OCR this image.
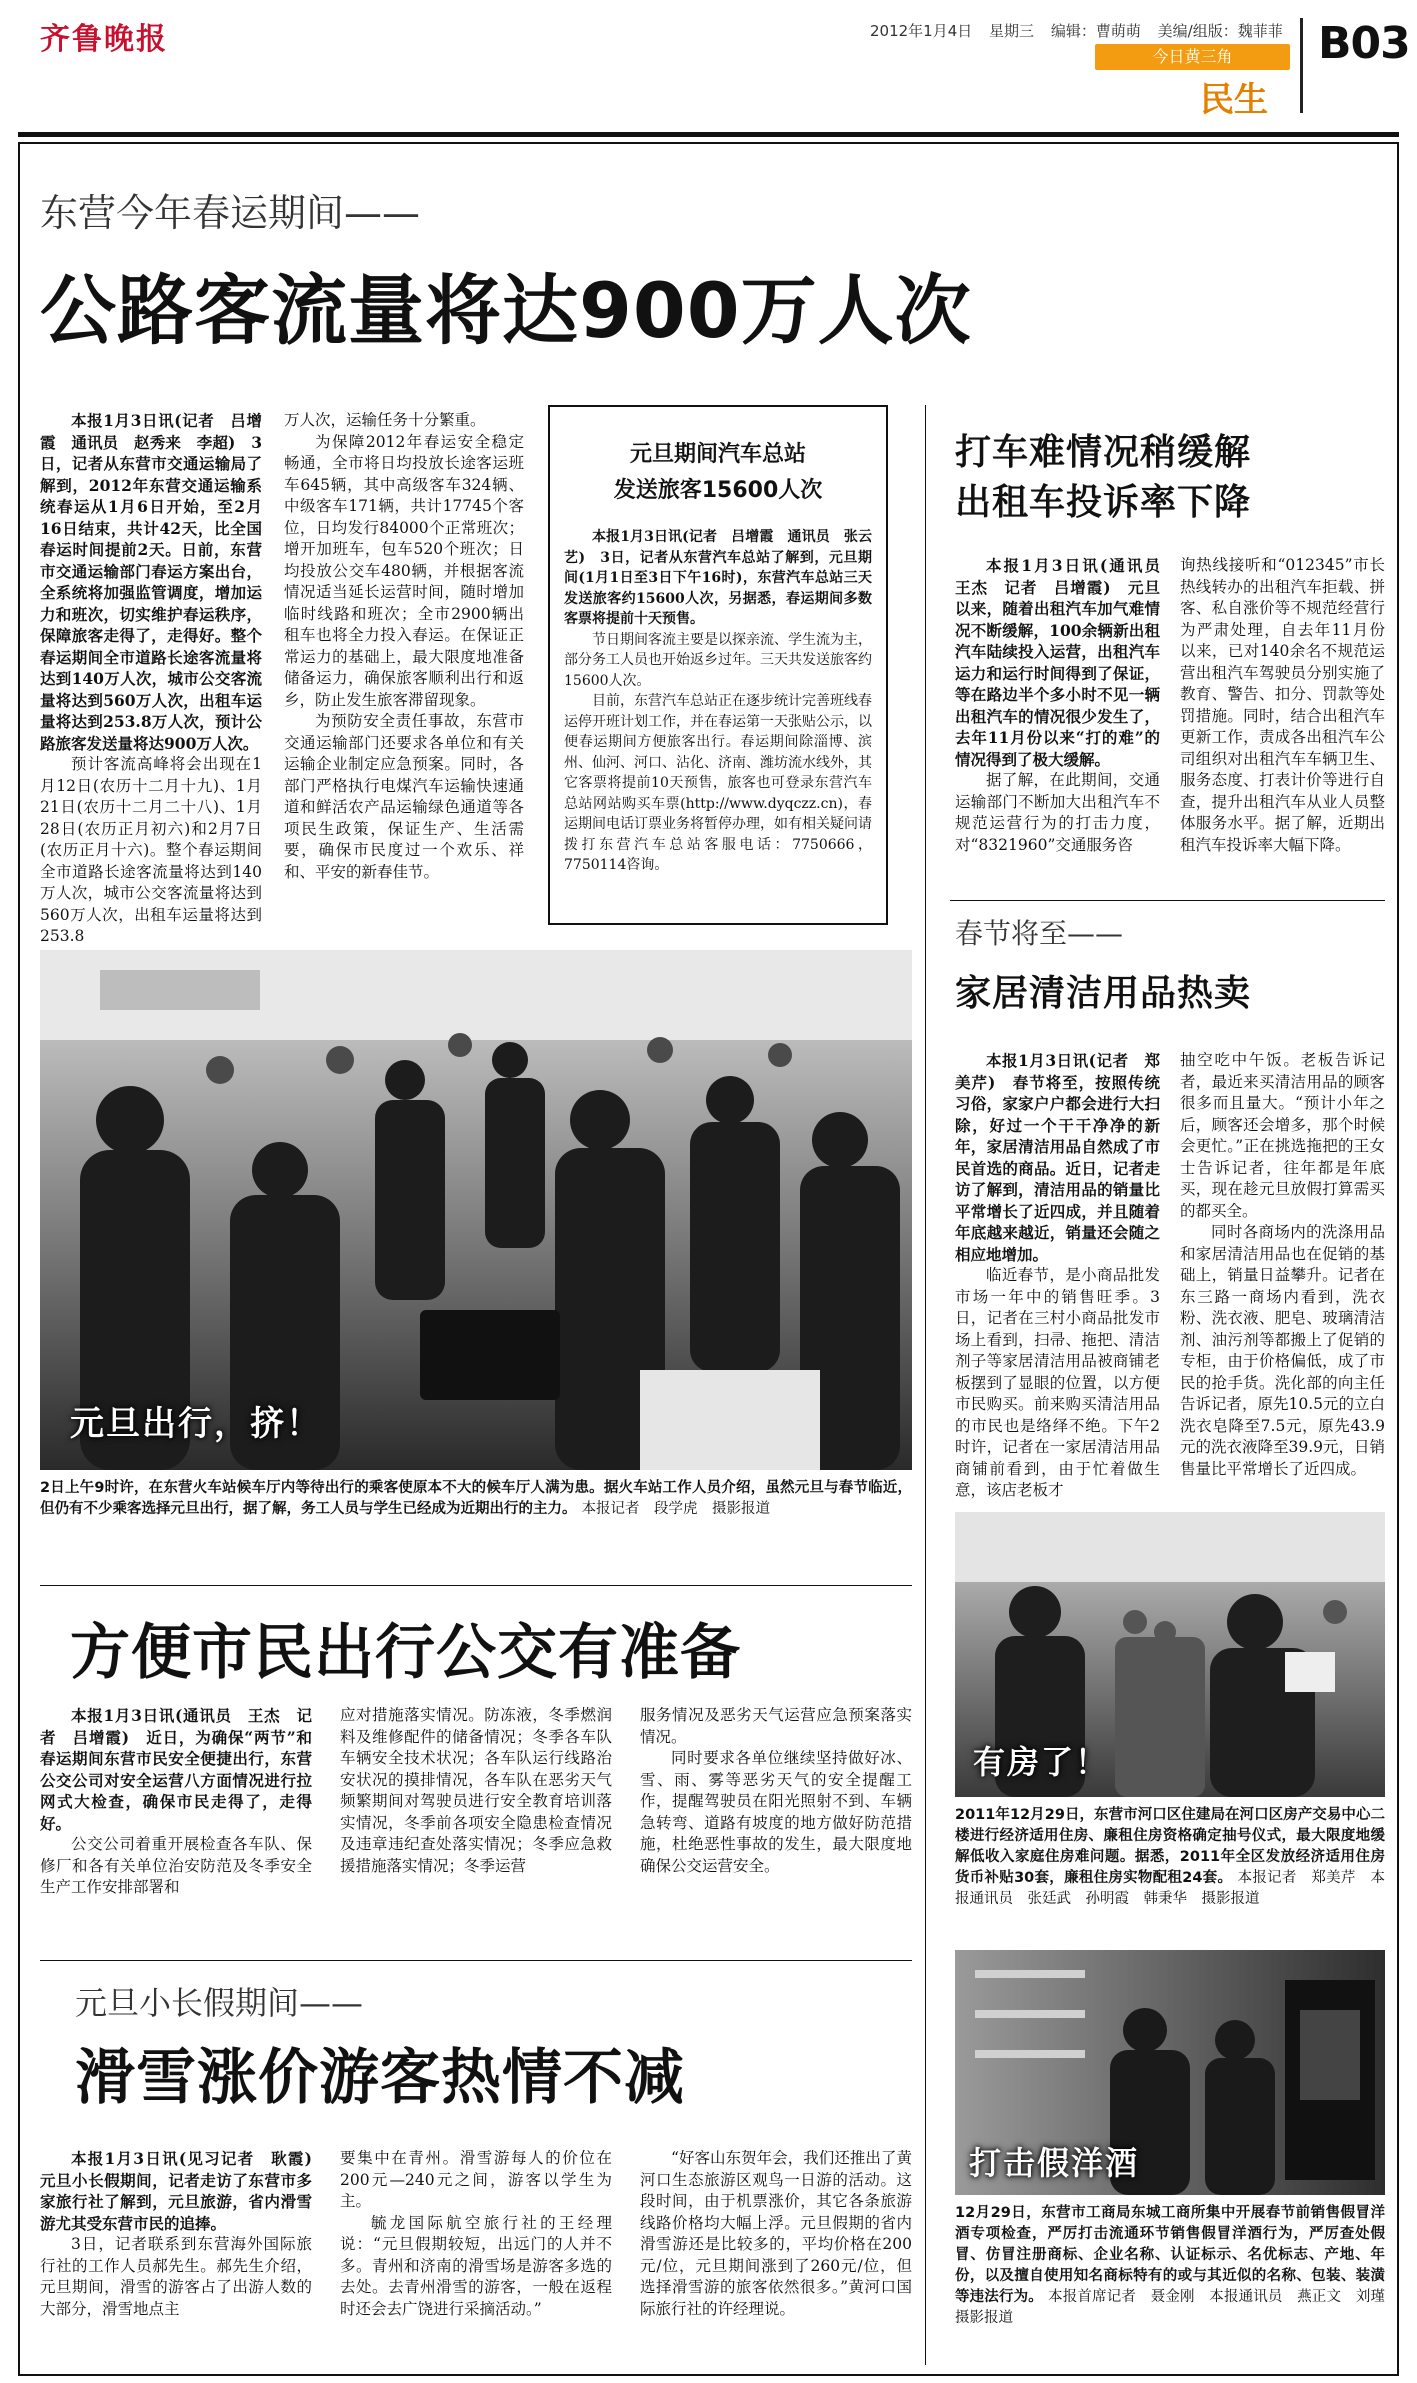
齐鲁晚报	2012年1月4日 星期三 编辑：曹萌萌 美编/组版：魏菲菲
今日黄三角
民生
B03
东营今年春运期间——
公路客流量将达900万人次

本报1月3日讯(记者　吕增霞　通讯员　赵秀来　李超)　3日，记者从东营市交通运输局了解到，2012年东营交通运输系统春运从1月6日开始，至2月16日结束，共计42天，比全国春运时间提前2天。日前，东营市交通运输部门春运方案出台，全系统将加强监管调度，增加运力和班次，切实维护春运秩序，保障旅客走得了，走得好。整个春运期间全市道路长途客流量将达到140万人次，城市公交客流量将达到560万人次，出租车运量将达到253.8万人次，预计公路旅客发送量将达900万人次。

预计客流高峰将会出现在1月12日(农历十二月十九)、1月21日(农历十二月二十八)、1月28日(农历正月初六)和2月7日(农历正月十六)。整个春运期间全市道路长途客流量将达到140万人次，城市公交客流量将达到560万人次，出租车运量将达到253.8

万人次，运输任务十分繁重。

为保障2012年春运安全稳定畅通，全市将日均投放长途客运班车645辆，其中高级客车324辆、中级客车171辆，共计17745个客位，日均发行84000个正常班次；增开加班车，包车520个班次；日均投放公交车480辆，并根据客流情况适当延长运营时间，随时增加临时线路和班次；全市2900辆出租车也将全力投入春运。在保证正常运力的基础上，最大限度地准备储备运力，确保旅客顺利出行和返乡，防止发生旅客滞留现象。

为预防安全责任事故，东营市交通运输部门还要求各单位和有关运输企业制定应急预案。同时，各部门严格执行电煤汽车运输快速通道和鲜活农产品运输绿色通道等各项民生政策，保证生产、生活需要，确保市民度过一个欢乐、祥和、平安的新春佳节。

元旦期间汽车总站
发送旅客15600人次

本报1月3日讯(记者　吕增霞　通讯员　张云艺)　3日，记者从东营汽车总站了解到，元旦期间(1月1日至3日下午16时)，东营汽车总站三天发送旅客约15600人次，另据悉，春运期间多数客票将提前十天预售。

节日期间客流主要是以探亲流、学生流为主，部分务工人员也开始返乡过年。三天共发送旅客约15600人次。

目前，东营汽车总站正在逐步统计完善班线春运停开班计划工作，并在春运第一天张贴公示，以便春运期间方便旅客出行。春运期间除淄博、滨州、仙河、河口、沾化、济南、潍坊流水线外，其它客票将提前10天预售，旅客也可登录东营汽车总站网站购买车票(http://www.dyqczz.cn)，春运期间电话订票业务将暂停办理，如有相关疑问请拨打东营汽车总站客服电话：7750666，7750114咨询。

元旦出行，挤！
2日上午9时许，在东营火车站候车厅内等待出行的乘客使原本不大的候车厅人满为患。据火车站工作人员介绍，虽然元旦与春节临近，但仍有不少乘客选择元旦出行，据了解，务工人员与学生已经成为近期出行的主力。 本报记者　段学虎　摄影报道
方便市民出行公交有准备

本报1月3日讯(通讯员　王杰　记者　吕增霞)　近日，为确保“两节”和春运期间东营市民安全便捷出行，东营公交公司对安全运营八方面情况进行拉网式大检查，确保市民走得了，走得好。

公交公司着重开展检查各车队、保修厂和各有关单位治安防范及冬季安全生产工作安排部署和

应对措施落实情况。防冻液，冬季燃润料及维修配件的储备情况；冬季各车队车辆安全技术状况；各车队运行线路治安状况的摸排情况，各车队在恶劣天气频繁期间对驾驶员进行安全教育培训落实情况，冬季前各项安全隐患检查情况及违章违纪查处落实情况；冬季应急救援措施落实情况；冬季运营

服务情况及恶劣天气运营应急预案落实情况。

同时要求各单位继续坚持做好冰、雪、雨、雾等恶劣天气的安全提醒工作，提醒驾驶员在阳光照射不到、车辆急转弯、道路有坡度的地方做好防范措施，杜绝恶性事故的发生，最大限度地确保公交运营安全。

元旦小长假期间——
滑雪涨价游客热情不减

本报1月3日讯(见习记者　耿霞)　元旦小长假期间，记者走访了东营市多家旅行社了解到，元旦旅游，省内滑雪游尤其受东营市民的追捧。

3日，记者联系到东营海外国际旅行社的工作人员郝先生。郝先生介绍，元旦期间，滑雪的游客占了出游人数的大部分，滑雪地点主

要集中在青州。滑雪游每人的价位在200元—240元之间，游客以学生为主。

毓龙国际航空旅行社的王经理说：“元旦假期较短，出远门的人并不多。青州和济南的滑雪场是游客多选的去处。去青州滑雪的游客，一般在返程时还会去广饶进行采摘活动。”

“好客山东贺年会，我们还推出了黄河口生态旅游区观鸟一日游的活动。这段时间，由于机票涨价，其它各条旅游线路价格均大幅上浮。元旦假期的省内滑雪游还是比较多的，平均价格在200元/位，元旦期间涨到了260元/位，但选择滑雪游的旅客依然很多。”黄河口国际旅行社的许经理说。

打车难情况稍缓解
出租车投诉率下降

本报1月3日讯(通讯员　王杰　记者　吕增霞)　元旦以来，随着出租汽车加气难情况不断缓解，100余辆新出租汽车陆续投入运营，出租汽车运力和运行时间得到了保证，等在路边半个多小时不见一辆出租汽车的情况很少发生了，去年11月份以来“打的难”的情况得到了极大缓解。

据了解，在此期间，交通运输部门不断加大出租汽车不规范运营行为的打击力度，对“8321960”交通服务咨

询热线接听和“012345”市长热线转办的出租汽车拒载、拼客、私自涨价等不规范经营行为严肃处理，自去年11月份以来，已对140余名不规范运营出租汽车驾驶员分别实施了教育、警告、扣分、罚款等处罚措施。同时，结合出租汽车更新工作，责成各出租汽车公司组织对出租汽车车辆卫生、服务态度、打表计价等进行自查，提升出租汽车从业人员整体服务水平。据了解，近期出租汽车投诉率大幅下降。

春节将至——
家居清洁用品热卖

本报1月3日讯(记者　郑美芹)　春节将至，按照传统习俗，家家户户都会进行大扫除，好过一个干干净净的新年，家居清洁用品自然成了市民首选的商品。近日，记者走访了解到，清洁用品的销量比平常增长了近四成，并且随着年底越来越近，销量还会随之相应地增加。

临近春节，是小商品批发市场一年中的销售旺季。3日，记者在三村小商品批发市场上看到，扫帚、拖把、清洁剂子等家居清洁用品被商铺老板摆到了显眼的位置，以方便市民购买。前来购买清洁用品的市民也是络绎不绝。下午2时许，记者在一家居清洁用品商铺前看到，由于忙着做生意，该店老板才

抽空吃中午饭。老板告诉记者，最近来买清洁用品的顾客很多而且量大。“预计小年之后，顾客还会增多，那个时候会更忙。”正在挑选拖把的王女士告诉记者，往年都是年底买，现在趁元旦放假打算需买的都买全。

同时各商场内的洗涤用品和家居清洁用品也在促销的基础上，销量日益攀升。记者在东三路一商场内看到，洗衣粉、洗衣液、肥皂、玻璃清洁剂、油污剂等都搬上了促销的专柜，由于价格偏低，成了市民的抢手货。洗化部的向主任告诉记者，原先10.5元的立白洗衣皂降至7.5元，原先43.9元的洗衣液降至39.9元，日销售量比平常增长了近四成。

有房了！
2011年12月29日，东营市河口区住建局在河口区房产交易中心二楼进行经济适用住房、廉租住房资格确定抽号仪式，最大限度地缓解低收入家庭住房难问题。据悉，2011年全区发放经济适用住房货币补贴30套，廉租住房实物配租24套。 本报记者　郑美芹　本报通讯员　张廷武　孙明霞　韩秉华　摄影报道
打击假洋酒
12月29日，东营市工商局东城工商所集中开展春节前销售假冒洋酒专项检查，严厉打击流通环节销售假冒洋酒行为，严厉查处假冒、仿冒注册商标、企业名称、认证标示、名优标志、产地、年份，以及擅自使用知名商标特有的或与其近似的名称、包装、装潢等违法行为。 本报首席记者　聂金刚　本报通讯员　燕正文　刘瑾　摄影报道
